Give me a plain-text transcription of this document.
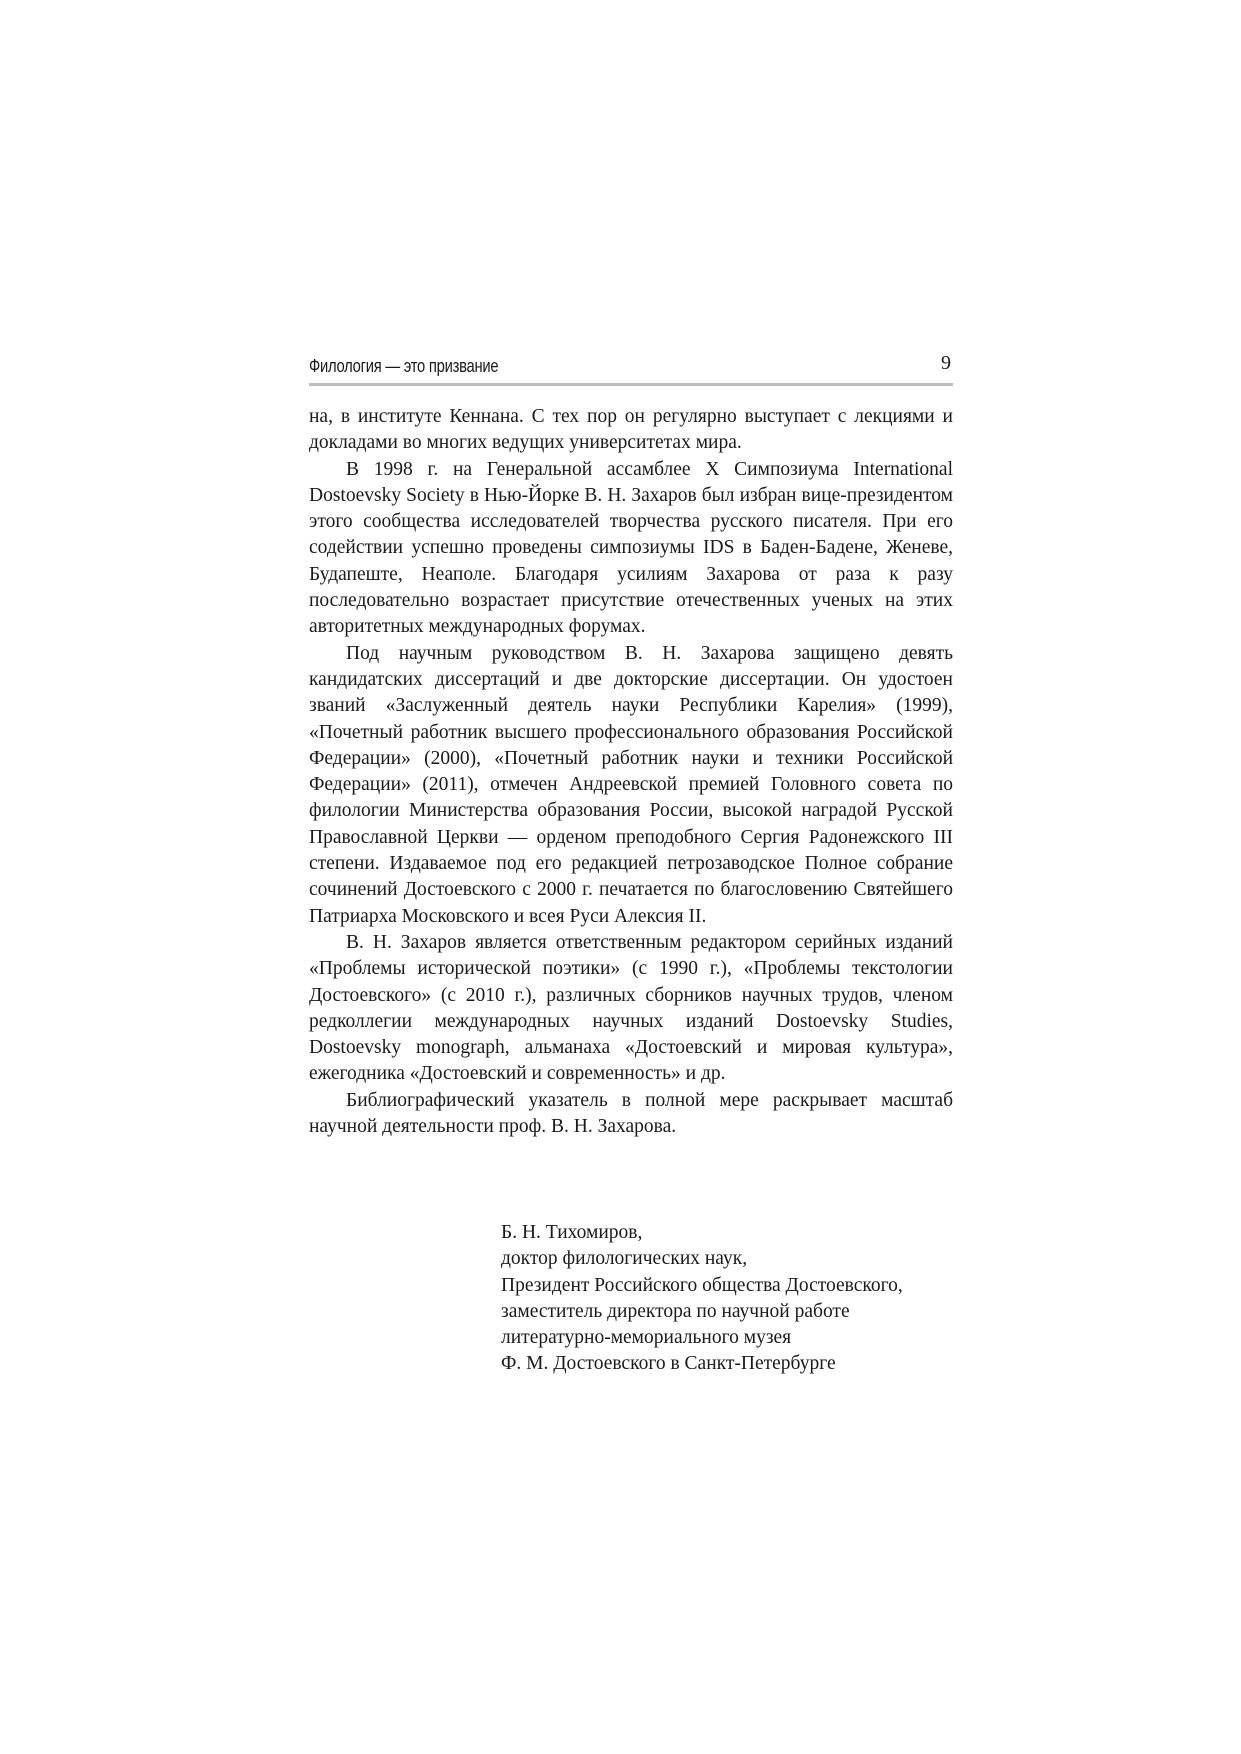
Филология — это призвание	9

на, в институте Кеннана. С тех пор он регулярно выступает с лекциями и докладами во многих ведущих университетах мира.

В 1998 г. на Генеральной ассамблее X Симпозиума International Dostoevsky Society в Нью-Йорке В. Н. Захаров был избран вице-президентом этого сообщества исследователей творчества русского писателя. При его содействии успешно проведены симпозиумы IDS в Баден-Бадене, Женеве, Будапеште, Неаполе. Благодаря усилиям Захарова от раза к разу последовательно возрастает присутствие отечественных ученых на этих авторитетных международных форумах.

Под научным руководством В. Н. Захарова защищено девять кандидатских диссертаций и две докторские диссертации. Он удостоен званий «Заслуженный деятель науки Республики Карелия» (1999), «Почетный работник высшего профессионального образования Российской Федерации» (2000), «Почетный работник науки и техники Российской Федерации» (2011), отмечен Андреевской премией Головного совета по филологии Министерства образования России, высокой наградой Русской Православной Церкви — орденом преподобного Сергия Радонежского III степени. Издаваемое под его редакцией петрозаводское Полное собрание сочинений Достоевского с 2000 г. печатается по благословению Святейшего Патриарха Московского и всея Руси Алексия II.

В. Н. Захаров является ответственным редактором серийных изданий «Проблемы исторической поэтики» (с 1990 г.), «Проблемы текстологии Достоевского» (с 2010 г.), различных сборников научных трудов, членом редколлегии международных научных изданий Dostoevsky Studies, Dostoevsky monograph, альманаха «Достоевский и мировая культура», ежегодника «Достоевский и современность» и др.

Библиографический указатель в полной мере раскрывает масштаб научной деятельности проф. В. Н. Захарова.

Б. Н. Тихомиров,
доктор филологических наук,
Президент Российского общества Достоевского,
заместитель директора по научной работе
литературно-мемориального музея
Ф. М. Достоевского в Санкт-Петербурге
